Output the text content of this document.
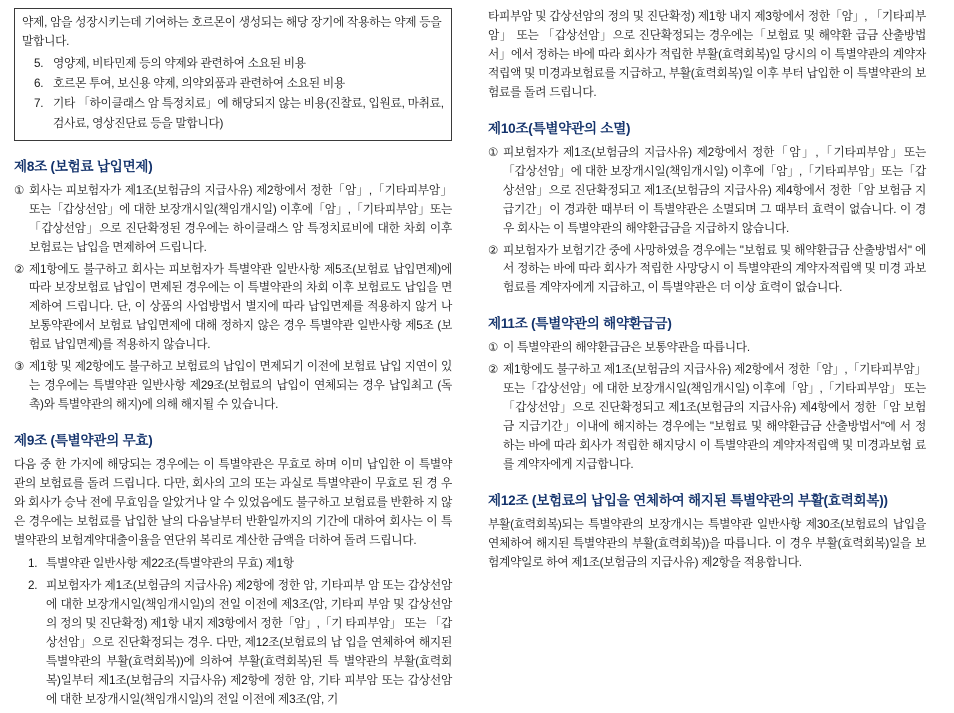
약제, 암을 성장시키는데 기여하는 호르몬이 생성되는 해당 장기에 작용하는 약제 등을 말합니다.
5. 영양제, 비타민제 등의 약제와 관련하여 소요된 비용
6. 호르몬 투여, 보신용 약제, 의약외품과 관련하여 소요된 비용
7. 기타 「하이클래스 암 특정치료」에 해당되지 않는 비용(진찰료, 입원료, 마취료,
검사료, 영상진단료 등을 말합니다)
제8조 (보험료 납입면제)
① 회사는 피보험자가 제1조(보험금의 지급사유) 제2항에서 정한「암」,「기타피부암」 또는「갑상선암」에 대한 보장개시일(책임개시일) 이후에「암」,「기타피부암」또는 「갑상선암」으로 진단확정된 경우에는 하이클래스 암 특정치료비에 대한 차회 이후 보험료는 납입을 면제하여 드립니다.
② 제1항에도 불구하고 회사는 피보험자가 특별약관 일반사항 제5조(보험료 납입면제)에 따라 보장보험료 납입이 면제된 경우에는 이 특별약관의 차회 이후 보험료도 납입을 면제하여 드립니다. 단, 이 상품의 사업방법서 별지에 따라 납입면제를 적용하지 않거 나 보통약관에서 보험료 납입면제에 대해 정하지 않은 경우 특별약관 일반사항 제5조 (보험료 납입면제)를 적용하지 않습니다.
③ 제1항 및 제2항에도 불구하고 보험료의 납입이 면제되기 이전에 보험료 납입 지연이 있는 경우에는 특별약관 일반사항 제29조(보험료의 납입이 연체되는 경우 납입최고 (독촉)와 특별약관의 해지)에 의해 해지될 수 있습니다.
제9조 (특별약관의 무효)

다음 중 한 가지에 해당되는 경우에는 이 특별약관은 무효로 하며 이미 납입한 이 특별약 관의 보험료를 돌려 드립니다. 다만, 회사의 고의 또는 과실로 특별약관이 무효로 된 경 우와 회사가 승낙 전에 무효임을 알았거나 알 수 있었음에도 불구하고 보험료를 반환하 지 않은 경우에는 보험료를 납입한 날의 다음날부터 반환일까지의 기간에 대하여 회사는 이 특별약관의 보험계약대출이율을 연단위 복리로 계산한 금액을 더하여 돌려 드립니다.

1. 특별약관 일반사항 제22조(특별약관의 무효) 제1항
2. 피보험자가 제1조(보험금의 지급사유) 제2항에 정한 암, 기타피부 암 또는 갑상선암에 대한 보장개시일(책임개시일)의 전일 이전에 제3조(암, 기타피 부암 및 갑상선암의 정의 및 진단확정) 제1항 내지 제3항에서 정한「암」,「기 타피부암」 또는 「갑상선암」으로 진단확정되는 경우. 다만, 제12조(보험료의 납 입을 연체하여 해지된 특별약관의 부활(효력회복))에 의하여 부활(효력회복)된 특 별약관의 부활(효력회복)일부터 제1조(보험금의 지급사유) 제2항에 정한 암, 기타 피부암 또는 갑상선암에 대한 보장개시일(책임개시일)의 전일 이전에 제3조(암, 기

타피부암 및 갑상선암의 정의 및 진단확정) 제1항 내지 제3항에서 정한「암」, 「기타피부암」 또는 「갑상선암」으로 진단확정되는 경우에는「보험료 및 해약환 급금 산출방법서」에서 정하는 바에 따라 회사가 적립한 부활(효력회복)일 당시의 이 특별약관의 계약자적립액 및 미경과보험료를 지급하고, 부활(효력회복)일 이후 부터 납입한 이 특별약관의 보험료를 돌려 드립니다.

제10조(특별약관의 소멸)
① 피보험자가 제1조(보험금의 지급사유) 제2항에서 정한「암」,「기타피부암」또는 「갑상선암」에 대한 보장개시일(책임개시일) 이후에「암」,「기타피부암」또는「갑 상선암」으로 진단확정되고 제1조(보험금의 지급사유) 제4항에서 정한「암 보험금 지 급기간」이 경과한 때부터 이 특별약관은 소멸되며 그 때부터 효력이 없습니다. 이 경 우 회사는 이 특별약관의 해약환급금을 지급하지 않습니다.
② 피보험자가 보험기간 중에 사망하였을 경우에는 "보험료 및 해약환급금 산출방법서" 에서 정하는 바에 따라 회사가 적립한 사망당시 이 특별약관의 계약자적립액 및 미경 과보험료를 계약자에게 지급하고, 이 특별약관은 더 이상 효력이 없습니다.
제11조 (특별약관의 해약환급금)
① 이 특별약관의 해약환급금은 보통약관을 따릅니다.
② 제1항에도 불구하고 제1조(보험금의 지급사유) 제2항에서 정한「암」,「기타피부암」 또는「갑상선암」에 대한 보장개시일(책임개시일) 이후에「암」,「기타피부암」 또는 「갑상선암」으로 진단확정되고 제1조(보험금의 지급사유) 제4항에서 정한「암 보험 금 지급기간」이내에 해지하는 경우에는 "보험료 및 해약환급금 산출방법서"에 서 정 하는 바에 따라 회사가 적립한 해지당시 이 특별약관의 계약자적립액 및 미경과보험 료를 계약자에게 지급합니다.
제12조 (보험료의 납입을 연체하여 해지된 특별약관의 부활(효력회복))

부활(효력회복)되는 특별약관의 보장개시는 특별약관 일반사항 제30조(보험료의 납입을 연체하여 해지된 특별약관의 부활(효력회복))을 따릅니다. 이 경우 부활(효력회복)일을 보험계약일로 하여 제1조(보험금의 지급사유) 제2항을 적용합니다.
